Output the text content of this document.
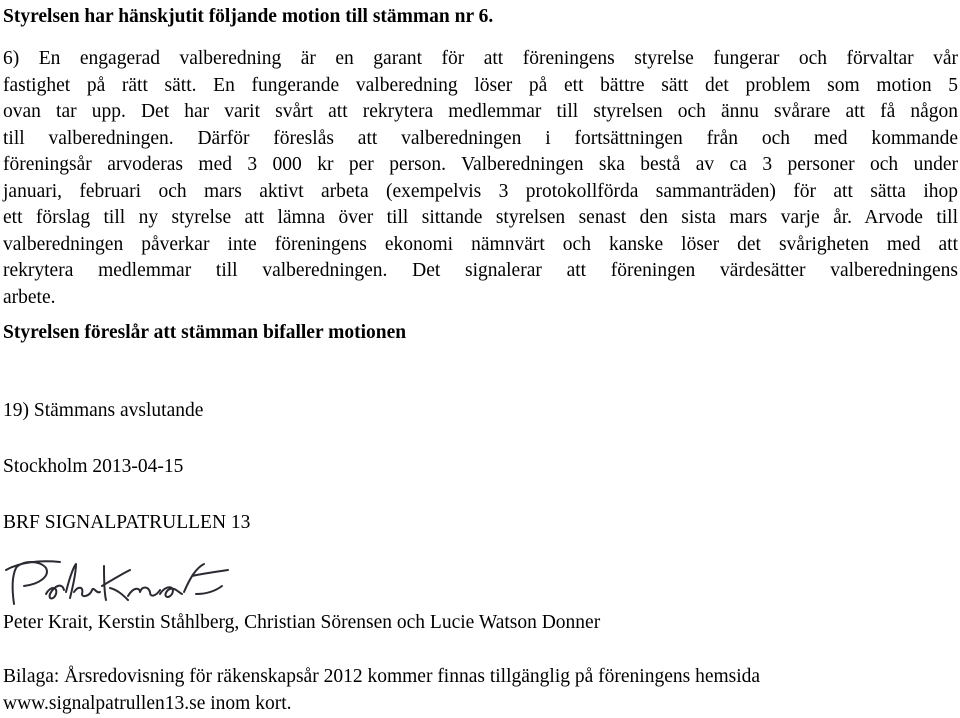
Styrelsen har hänskjutit följande motion till stämman nr 6.
6) En engagerad valberedning är en garant för att föreningens styrelse fungerar och förvaltar vår
fastighet på rätt sätt. En fungerande valberedning löser på ett bättre sätt det problem som motion 5
ovan tar upp. Det har varit svårt att rekrytera medlemmar till styrelsen och ännu svårare att få någon
till valberedningen. Därför föreslås att valberedningen i fortsättningen från och med kommande
föreningsår arvoderas med 3 000 kr per person. Valberedningen ska bestå av ca 3 personer och under
januari, februari och mars aktivt arbeta (exempelvis 3 protokollförda sammanträden) för att sätta ihop
ett förslag till ny styrelse att lämna över till sittande styrelsen senast den sista mars varje år. Arvode till
valberedningen påverkar inte föreningens ekonomi nämnvärt och kanske löser det svårigheten med att
rekrytera medlemmar till valberedningen. Det signalerar att föreningen värdesätter valberedningens
arbete.
Styrelsen föreslår att stämman bifaller motionen
19) Stämmans avslutande
Stockholm 2013-04-15
BRF SIGNALPATRULLEN 13
Peter Krait, Kerstin Ståhlberg, Christian Sörensen och Lucie Watson Donner
Bilaga: Årsredovisning för räkenskapsår 2012 kommer finnas tillgänglig på föreningens hemsida
www.signalpatrullen13.se inom kort.
